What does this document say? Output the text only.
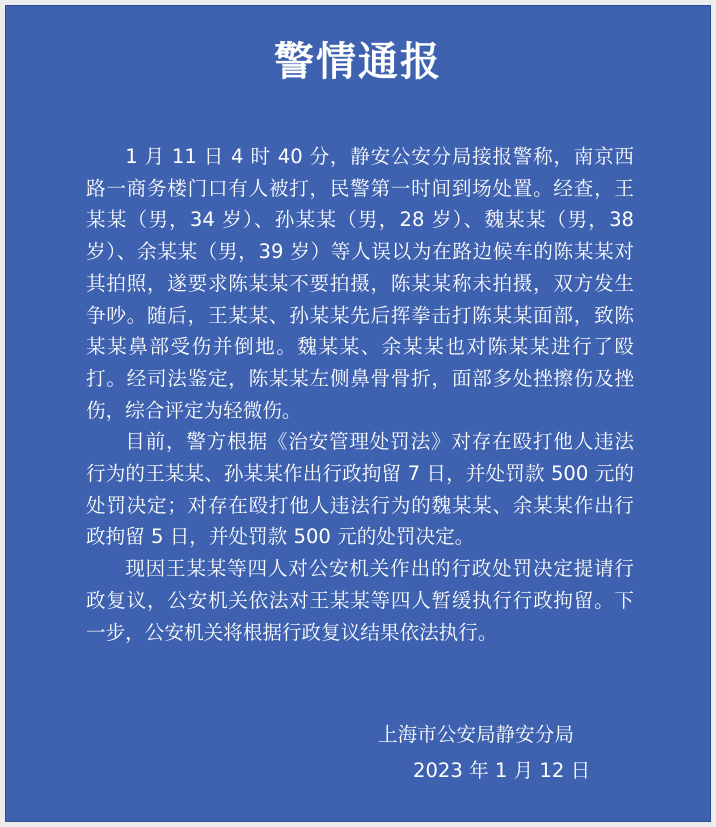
警情通报

1 月 11 日 4 时 40 分，静安公安分局接报警称，南京西路一商务楼门口有人被打，民警第一时间到场处置。经查，王某某（男，34 岁）、孙某某（男，28 岁）、魏某某（男，38 岁）、余某某（男，39 岁）等人误以为在路边候车的陈某某对其拍照，遂要求陈某某不要拍摄，陈某某称未拍摄，双方发生争吵。随后，王某某、孙某某先后挥拳击打陈某某面部，致陈某某鼻部受伤并倒地。魏某某、余某某也对陈某某进行了殴打。经司法鉴定，陈某某左侧鼻骨骨折，面部多处挫擦伤及挫伤，综合评定为轻微伤。

目前，警方根据《治安管理处罚法》对存在殴打他人违法行为的王某某、孙某某作出行政拘留 7 日，并处罚款 500 元的处罚决定；对存在殴打他人违法行为的魏某某、余某某作出行政拘留 5 日，并处罚款 500 元的处罚决定。

现因王某某等四人对公安机关作出的行政处罚决定提请行政复议，公安机关依法对王某某等四人暂缓执行行政拘留。下一步，公安机关将根据行政复议结果依法执行。

上海市公安局静安分局
2023 年 1 月 12 日
